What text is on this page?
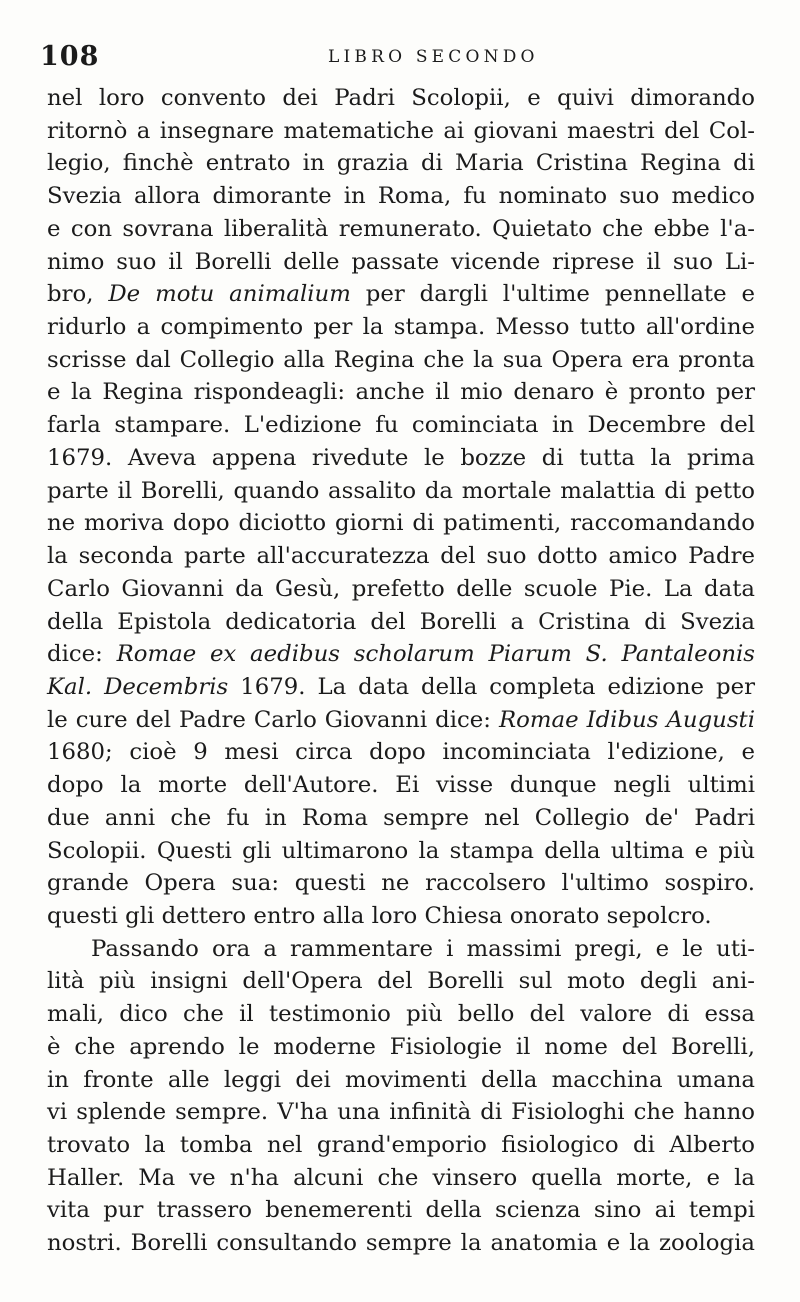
108	LIBRO SECONDO
nel loro convento dei Padri Scolopii, e quivi dimorando
ritornò a insegnare matematiche ai giovani maestri del Col-
legio, finchè entrato in grazia di Maria Cristina Regina di
Svezia allora dimorante in Roma, fu nominato suo medico
e con sovrana liberalità remunerato. Quietato che ebbe l'a-
nimo suo il Borelli delle passate vicende riprese il suo Li-
bro, De motu animalium per dargli l'ultime pennellate e
ridurlo a compimento per la stampa. Messo tutto all'ordine
scrisse dal Collegio alla Regina che la sua Opera era pronta
e la Regina rispondeagli: anche il mio denaro è pronto per
farla stampare. L'edizione fu cominciata in Decembre del
1679. Aveva appena rivedute le bozze di tutta la prima
parte il Borelli, quando assalito da mortale malattia di petto
ne moriva dopo diciotto giorni di patimenti, raccomandando
la seconda parte all'accuratezza del suo dotto amico Padre
Carlo Giovanni da Gesù, prefetto delle scuole Pie. La data
della Epistola dedicatoria del Borelli a Cristina di Svezia
dice: Romae ex aedibus scholarum Piarum S. Pantaleonis
Kal. Decembris 1679. La data della completa edizione per
le cure del Padre Carlo Giovanni dice: Romae Idibus Augusti
1680; cioè 9 mesi circa dopo incominciata l'edizione, e
dopo la morte dell'Autore. Ei visse dunque negli ultimi
due anni che fu in Roma sempre nel Collegio de' Padri
Scolopii. Questi gli ultimarono la stampa della ultima e più
grande Opera sua: questi ne raccolsero l'ultimo sospiro.
questi gli dettero entro alla loro Chiesa onorato sepolcro.
Passando ora a rammentare i massimi pregi, e le uti-
lità più insigni dell'Opera del Borelli sul moto degli ani-
mali, dico che il testimonio più bello del valore di essa
è che aprendo le moderne Fisiologie il nome del Borelli,
in fronte alle leggi dei movimenti della macchina umana
vi splende sempre. V'ha una infinità di Fisiologhi che hanno
trovato la tomba nel grand'emporio fisiologico di Alberto
Haller. Ma ve n'ha alcuni che vinsero quella morte, e la
vita pur trassero benemerenti della scienza sino ai tempi
nostri. Borelli consultando sempre la anatomia e la zoologia
